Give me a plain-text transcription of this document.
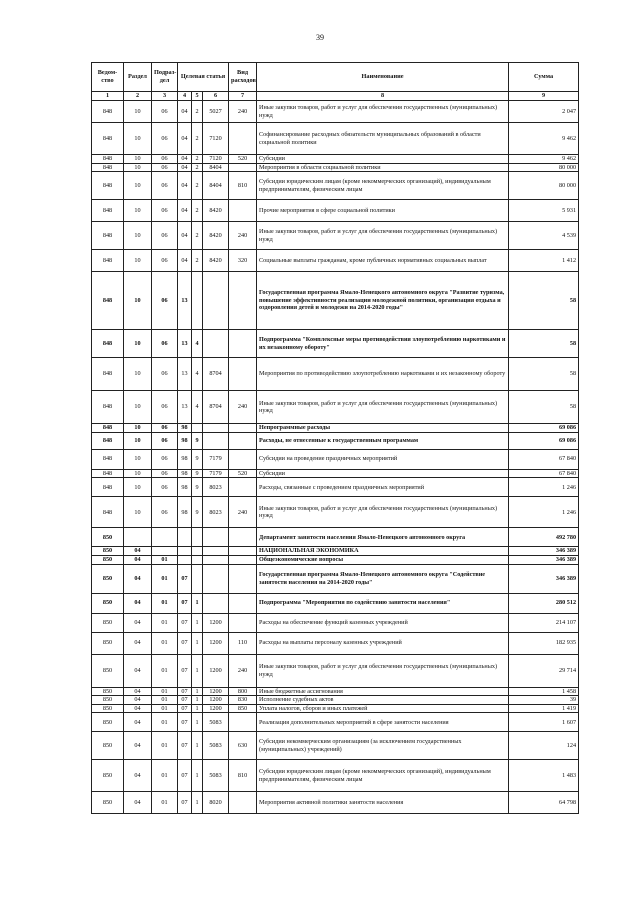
39
Ведом-ство	Раздел	Подраз-дел	Целевая статья			Вид расходов	Наименование	Сумма
1	2	3	4	5	6	7	8	9
848	10	06	04	2	5027	240	Иные закупки товаров, работ и услуг для обеспечения государственных (муниципальных) нужд	2 047
848	10	06	04	2	7120		Софинансирование расходных обязательств муниципальных образований в области социальной политики	9 462
848	10	06	04	2	7120	520	Субсидии	9 462
848	10	06	04	2	8404		Мероприятия в области социальной политики	80 000
848	10	06	04	2	8404	810	Субсидии юридическим лицам (кроме некоммерческих организаций), индивидуальным предпринимателям, физическим лицам	80 000
848	10	06	04	2	8420		Прочие мероприятия в сфере социальной политики	5 931
848	10	06	04	2	8420	240	Иные закупки товаров, работ и услуг для обеспечения государственных (муниципальных) нужд	4 539
848	10	06	04	2	8420	320	Социальные выплаты гражданам, кроме публичных нормативных социальных выплат	1 412
848	10	06	13				Государственная программа Ямало-Ненецкого автономного округа "Развитие туризма, повышение эффективности реализации молодежной политики, организация отдыха и оздоровления детей и молодежи на 2014-2020 годы"	58
848	10	06	13	4			Подпрограмма "Комплексные меры противодействия злоупотреблению наркотиками и их незаконному обороту"	58
848	10	06	13	4	8704		Мероприятия по противодействию злоупотреблению наркотиками и их незаконному обороту	58
848	10	06	13	4	8704	240	Иные закупки товаров, работ и услуг для обеспечения государственных (муниципальных) нужд	58
848	10	06	98				Непрограммные расходы	69 086
848	10	06	98	9			Расходы, не отнесенные к государственным программам	69 086
848	10	06	98	9	7179		Субсидии на проведение праздничных мероприятий	67 840
848	10	06	98	9	7179	520	Субсидии	67 840
848	10	06	98	9	8023		Расходы, связанные с проведением праздничных мероприятий	1 246
848	10	06	98	9	8023	240	Иные закупки товаров, работ и услуг для обеспечения государственных (муниципальных) нужд	1 246
850							Департамент занятости населения Ямало-Ненецкого автономного округа	492 780
850	04						НАЦИОНАЛЬНАЯ ЭКОНОМИКА	346 389
850	04	01					Общеэкономические вопросы	346 389
850	04	01	07				Государственная программа Ямало-Ненецкого автономного округа "Содействие занятости населения на 2014-2020 годы"	346 389
850	04	01	07	1			Подпрограмма "Мероприятия по содействию занятости населения"	280 512
850	04	01	07	1	1200		Расходы на обеспечение функций казенных учреждений	214 107
850	04	01	07	1	1200	110	Расходы на выплаты персоналу казенных учреждений	182 935
850	04	01	07	1	1200	240	Иные закупки товаров, работ и услуг для обеспечения государственных (муниципальных) нужд	29 714
850	04	01	07	1	1200	800	Иные бюджетные ассигнования	1 458
850	04	01	07	1	1200	830	Исполнение судебных актов	39
850	04	01	07	1	1200	850	Уплата налогов, сборов и иных платежей	1 419
850	04	01	07	1	5083		Реализация дополнительных мероприятий в сфере занятости населения	1 607
850	04	01	07	1	5083	630	Субсидии некоммерческим организациям (за исключением государственных (муниципальных) учреждений)	124
850	04	01	07	1	5083	810	Субсидии юридическим лицам (кроме некоммерческих организаций), индивидуальным предпринимателям, физическим лицам	1 483
850	04	01	07	1	8020		Мероприятия активной политики занятости населения	64 798
